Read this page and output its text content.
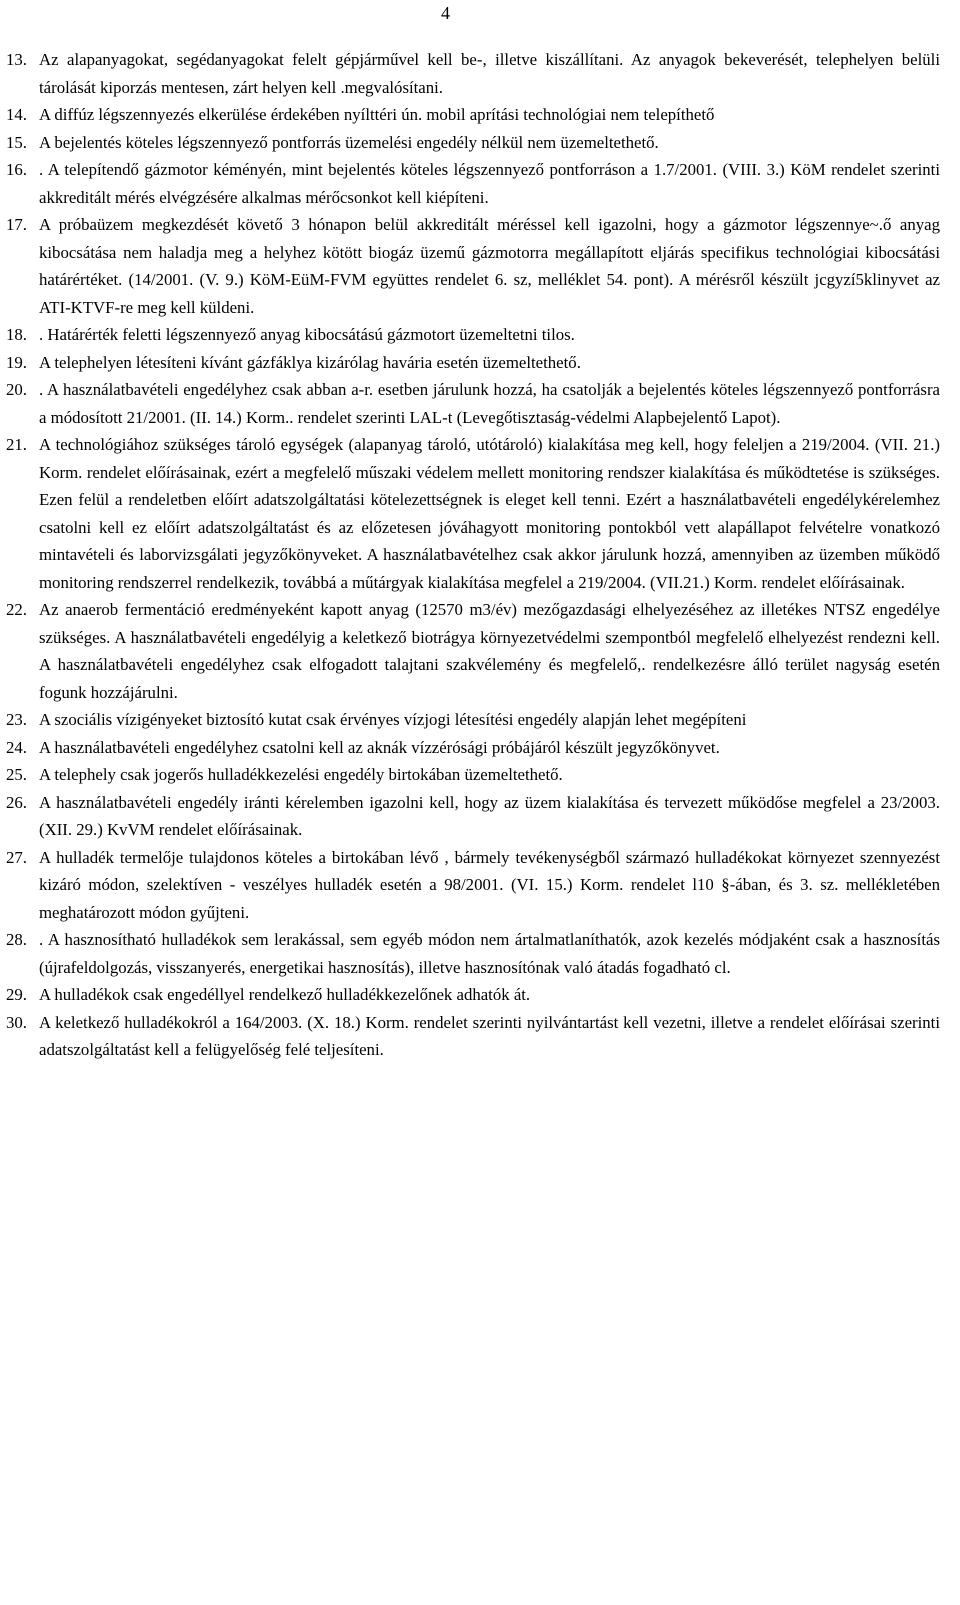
4
13. Az alapanyagokat, segédanyagokat felelt gépjárművel kell be-, illetve kiszállítani. Az anyagok bekeverését, telephelyen belüli tárolását kiporzás mentesen, zárt helyen kell .megvalósítani.
14. A diffúz légszennyezés elkerülése érdekében nyílttéri ún. mobil aprítási technológiai nem telepíthető
15. A bejelentés köteles légszennyező pontforrás üzemelési engedély nélkül nem üzemeltethető.
16. . A telepítendő gázmotor kéményén, mint bejelentés köteles légszennyező pontforráson a 1.7/2001. (VIII. 3.) KöM rendelet szerinti akkreditált mérés elvégzésére alkalmas mérőcsonkot kell kiépíteni.
17. A próbaüzem megkezdését követő 3 hónapon belül akkreditált méréssel kell igazolni, hogy a gázmotor légszennye~.ő anyag kibocsátása nem haladja meg a helyhez kötött biogáz üzemű gázmotorra megállapított eljárás specifikus technológiai kibocsátási határértéket. (14/2001. (V. 9.) KöM-EüM-FVM együttes rendelet 6. sz, melléklet 54. pont). A mérésről készült jcgyzí5klinyvet az ATI-KTVF-re meg kell küldeni.
18. . Határérték feletti légszennyező anyag kibocsátású gázmotort üzemeltetni tilos.
19. A telephelyen létesíteni kívánt gázfáklya kizárólag havária esetén üzemeltethető.
20. . A használatbavételi engedélyhez csak abban a-r. esetben járulunk hozzá, ha csatolják a bejelentés köteles légszennyező pontforrásra a módosított 21/2001. (II. 14.) Korm.. rendelet szerinti LAL-t (Levegőtisztaság-védelmi Alapbejelentő Lapot).
21. A technológiához szükséges tároló egységek (alapanyag tároló, utótároló) kialakítása meg kell, hogy feleljen a 219/2004. (VII. 21.) Korm. rendelet előírásainak, ezért a megfelelő műszaki védelem mellett monitoring rendszer kialakítása és működtetése is szükséges. Ezen felül a rendeletben előírt adatszolgáltatási kötelezettségnek is eleget kell tenni. Ezért a használatbavételi engedélykérelemhez csatolni kell ez előírt adatszolgáltatást és az előzetesen jóváhagyott monitoring pontokból vett alapállapot felvételre vonatkozó mintavételi és laborvizsgálati jegyzőkönyveket. A használatbavételhez csak akkor járulunk hozzá, amennyiben az üzemben működő monitoring rendszerrel rendelkezik, továbbá a műtárgyak kialakítása megfelel a 219/2004. (VII.21.) Korm. rendelet előírásainak.
22. Az anaerob fermentáció eredményeként kapott anyag (12570 m3/év) mezőgazdasági elhelyezéséhez az illetékes NTSZ engedélye szükséges. A használatbavételi engedélyig a keletkező biotrágya környezetvédelmi szempontból megfelelő elhelyezést rendezni kell. A használatbavételi engedélyhez csak elfogadott talajtani szakvélemény és megfelelő,. rendelkezésre álló terület nagyság esetén fogunk hozzájárulni.
23. A szociális vízigényeket biztosító kutat csak érvényes vízjogi létesítési engedély alapján lehet megépíteni
24. A használatbavételi engedélyhez csatolni kell az aknák vízzérósági próbájáról készült jegyzőkönyvet.
25. A telephely csak jogerős hulladékkezelési engedély birtokában üzemeltethető.
26. A használatbavételi engedély iránti kérelemben igazolni kell, hogy az üzem kialakítása és tervezett működőse megfelel a 23/2003. (XII. 29.) KvVM rendelet előírásainak.
27. A hulladék termelője tulajdonos köteles a birtokában lévő , bármely tevékenységből származó hulladékokat környezet szennyezést kizáró módon, szelektíven - veszélyes hulladék esetén a 98/2001. (VI. 15.) Korm. rendelet l10 §-ában, és 3. sz. mellékletében meghatározott módon gyűjteni.
28. . A hasznosítható hulladékok sem lerakással, sem egyéb módon nem ártalmatlaníthatók, azok kezelés módjaként csak a hasznosítás (újrafeldolgozás, visszanyerés, energetikai hasznosítás), illetve hasznosítónak való átadás fogadható cl.
29. A hulladékok csak engedéllyel rendelkező hulladékkezelőnek adhatók át.
30. A keletkező hulladékokról a 164/2003. (X. 18.) Korm. rendelet szerinti nyilvántartást kell vezetni, illetve a rendelet előírásai szerinti adatszolgáltatást kell a felügyelőség felé teljesíteni.
